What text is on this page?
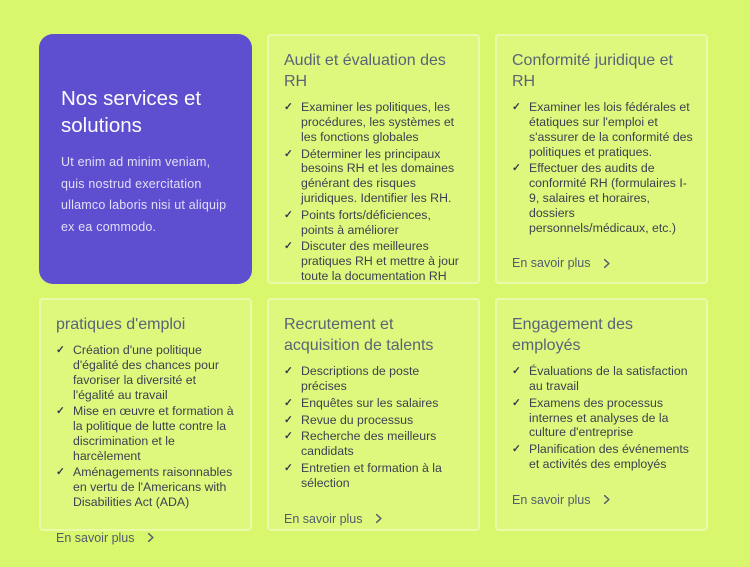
Nos services et solutions

Ut enim ad minim veniam, quis nostrud exercitation ullamco laboris nisi ut aliquip ex ea commodo.

Audit et évaluation des RH
✓ Examiner les politiques, les procédures, les systèmes et les fonctions globales
✓ Déterminer les principaux besoins RH et les domaines générant des risques juridiques. Identifier les RH.
✓ Points forts/déficiences, points à améliorer
✓ Discuter des meilleures pratiques RH et mettre à jour toute la documentation RH
Conformité juridique et RH
✓ Examiner les lois fédérales et étatiques sur l'emploi et s'assurer de la conformité des politiques et pratiques.
✓ Effectuer des audits de conformité RH (formulaires I-9, salaires et horaires, dossiers personnels/médicaux, etc.)
En savoir plus
pratiques d'emploi
✓ Création d'une politique d'égalité des chances pour favoriser la diversité et l'égalité au travail
✓ Mise en œuvre et formation à la politique de lutte contre la discrimination et le harcèlement
✓ Aménagements raisonnables en vertu de l'Americans with Disabilities Act (ADA)
En savoir plus
Recrutement et acquisition de talents
✓ Descriptions de poste précises
✓ Enquêtes sur les salaires
✓ Revue du processus
✓ Recherche des meilleurs candidats
✓ Entretien et formation à la sélection
En savoir plus
Engagement des employés
✓ Évaluations de la satisfaction au travail
✓ Examens des processus internes et analyses de la culture d'entreprise
✓ Planification des événements et activités des employés
En savoir plus
